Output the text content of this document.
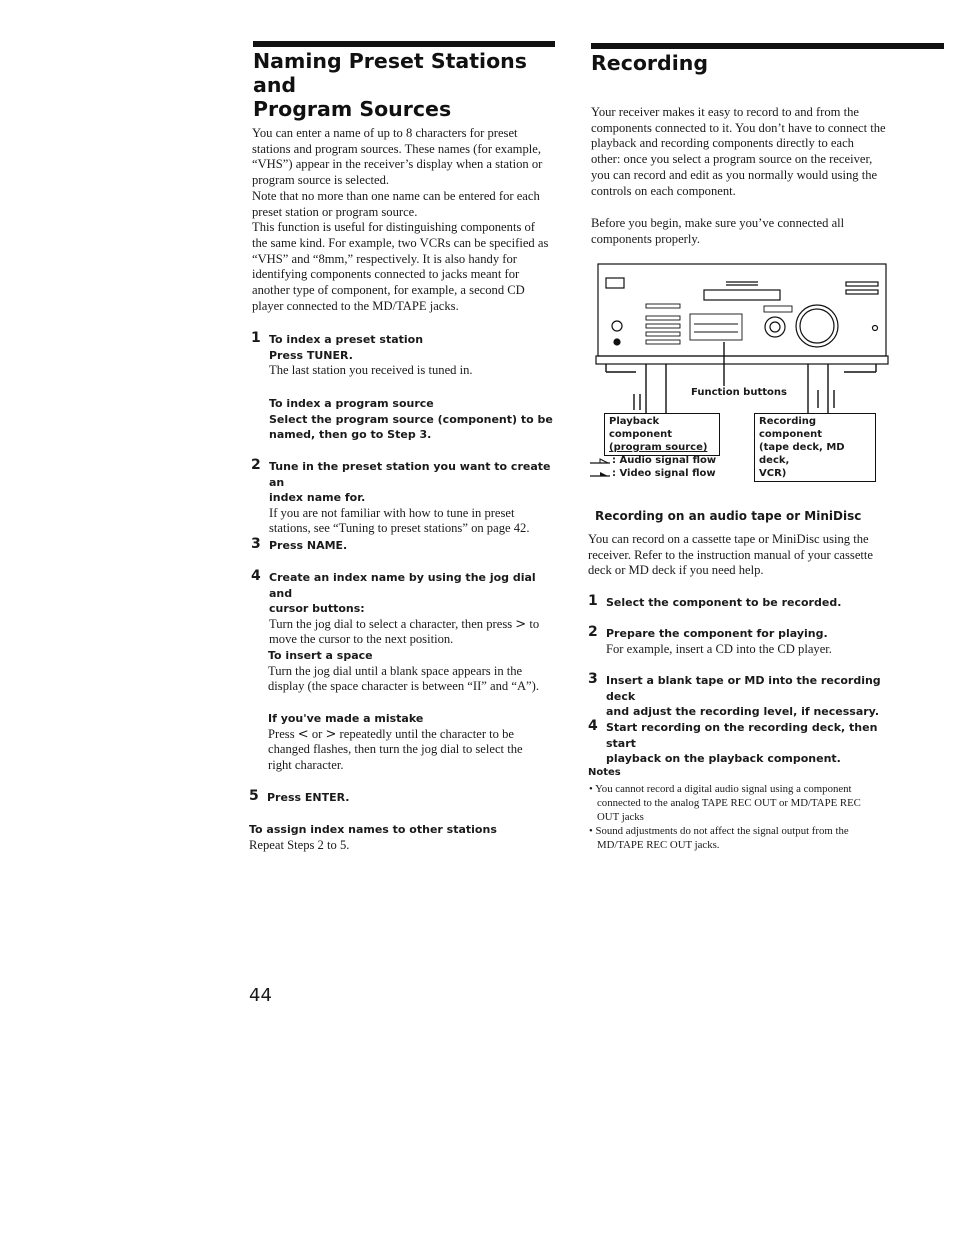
Naming Preset Stations and
Program Sources
You can enter a name of up to 8 characters for preset
stations and program sources. These names (for example,
“VHS”) appear in the receiver’s display when a station or
program source is selected.
Note that no more than one name can be entered for each
preset station or program source.
This function is useful for distinguishing components of
the same kind. For example, two VCRs can be specified as
“VHS” and “8mm,” respectively. It is also handy for
identifying components connected to jacks meant for
another type of component, for example, a second CD
player connected to the MD/TAPE jacks.
1 To index a preset station
Press TUNER.
The last station you received is tuned in.
To index a program source
Select the program source (component) to be
named, then go to Step 3.
2 Tune in the preset station you want to create an
index name for.
If you are not familiar with how to tune in preset
stations, see “Tuning to preset stations” on page 42.
3 Press NAME.
4 Create an index name by using the jog dial and
cursor buttons:
Turn the jog dial to select a character, then press > to
move the cursor to the next position.
To insert a space
Turn the jog dial until a blank space appears in the
display (the space character is between “II” and “A”).
If you've made a mistake
Press < or > repeatedly until the character to be
changed flashes, then turn the jog dial to select the
right character.
5 Press ENTER.
To assign index names to other stations
Repeat Steps 2 to 5.
44
Recording
Your receiver makes it easy to record to and from the
components connected to it. You don’t have to connect the
playback and recording components directly to each
other: once you select a program source on the receiver,
you can record and edit as you normally would using the
controls on each component.
Before you begin, make sure you’ve connected all
components properly.
Function buttons
Playback component
(program source)
Recording component
(tape deck, MD deck,
VCR)
: Audio signal flow
: Video signal flow
Recording on an audio tape or MiniDisc
You can record on a cassette tape or MiniDisc using the
receiver. Refer to the instruction manual of your cassette
deck or MD deck if you need help.
1 Select the component to be recorded.
2 Prepare the component for playing.
For example, insert a CD into the CD player.
3 Insert a blank tape or MD into the recording deck
and adjust the recording level, if necessary.
4 Start recording on the recording deck, then start
playback on the playback component.
Notes
• You cannot record a digital audio signal using a component connected to the analog TAPE REC OUT or MD/TAPE REC OUT jacks
• Sound adjustments do not affect the signal output from the MD/TAPE REC OUT jacks.
